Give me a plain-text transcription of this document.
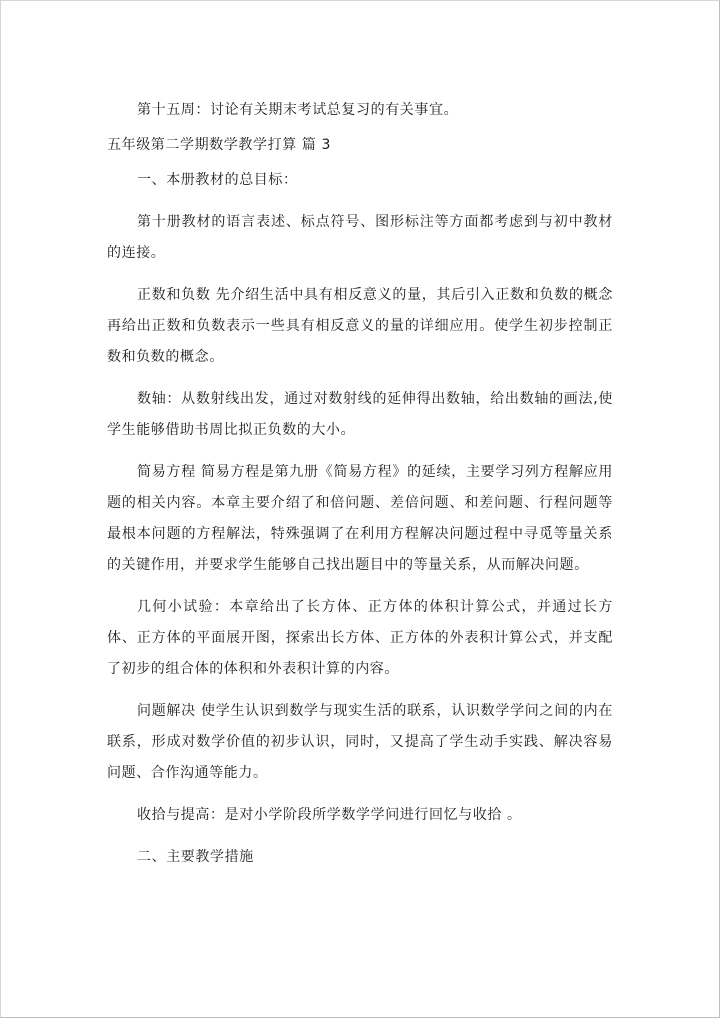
第十五周：讨论有关期末考试总复习的有关事宜。

五年级第二学期数学教学打算 篇 3

一、本册教材的总目标：

第十册教材的语言表述、标点符号、图形标注等方面都考虑到与初中教材的连接。

正数和负数 先介绍生活中具有相反意义的量，其后引入正数和负数的概念再给出正数和负数表示一些具有相反意义的量的详细应用。使学生初步控制正数和负数的概念。

数轴：从数射线出发，通过对数射线的延伸得出数轴，给出数轴的画法,使学生能够借助书周比拟正负数的大小。

简易方程 简易方程是第九册《简易方程》的延续，主要学习列方程解应用题的相关内容。本章主要介绍了和倍问题、差倍问题、和差问题、行程问题等最根本问题的方程解法，特殊强调了在利用方程解决问题过程中寻觅等量关系的关键作用，并要求学生能够自己找出题目中的等量关系，从而解决问题。

几何小试验：本章给出了长方体、正方体的体积计算公式，并通过长方体、正方体的平面展开图，探索出长方体、正方体的外表积计算公式，并支配了初步的组合体的体积和外表积计算的内容。

问题解决 使学生认识到数学与现实生活的联系，认识数学学问之间的内在联系，形成对数学价值的初步认识，同时，又提高了学生动手实践、解决容易问题、合作沟通等能力。

收拾与提高：是对小学阶段所学数学学问进行回忆与收拾 。

二、主要教学措施
